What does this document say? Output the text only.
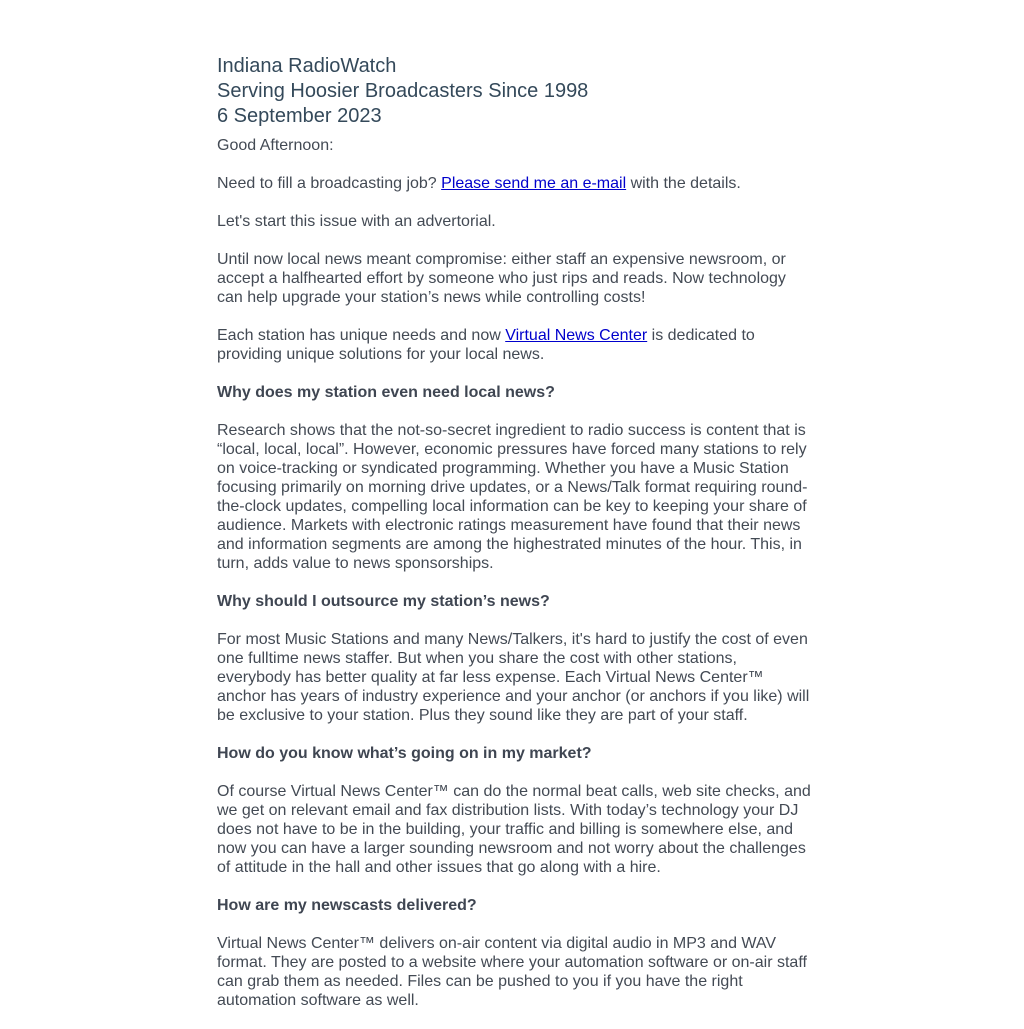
Indiana RadioWatch
Serving Hoosier Broadcasters Since 1998
6 September 2023

Good Afternoon:

Need to fill a broadcasting job? Please send me an e-mail with the details.

Let's start this issue with an advertorial.

Until now local news meant compromise: either staff an expensive newsroom, or accept a halfhearted effort by someone who just rips and reads. Now technology can help upgrade your station’s news while controlling costs!

Each station has unique needs and now Virtual News Center is dedicated to providing unique solutions for your local news.

Why does my station even need local news?

Research shows that the not-so-secret ingredient to radio success is content that is “local, local, local”. However, economic pressures have forced many stations to rely on voice-tracking or syndicated programming. Whether you have a Music Station focusing primarily on morning drive updates, or a News/Talk format requiring round-the-clock updates, compelling local information can be key to keeping your share of audience. Markets with electronic ratings measurement have found that their news and information segments are among the highestrated minutes of the hour. This, in turn, adds value to news sponsorships.

Why should I outsource my station’s news?

For most Music Stations and many News/Talkers, it's hard to justify the cost of even one fulltime news staffer. But when you share the cost with other stations, everybody has better quality at far less expense. Each Virtual News Center™ anchor has years of industry experience and your anchor (or anchors if you like) will be exclusive to your station. Plus they sound like they are part of your staff.

How do you know what’s going on in my market?

Of course Virtual News Center™ can do the normal beat calls, web site checks, and we get on relevant email and fax distribution lists. With today’s technology your DJ does not have to be in the building, your traffic and billing is somewhere else, and now you can have a larger sounding newsroom and not worry about the challenges of attitude in the hall and other issues that go along with a hire.

How are my newscasts delivered?

Virtual News Center™ delivers on-air content via digital audio in MP3 and WAV format. They are posted to a website where your automation software or on-air staff can grab them as needed. Files can be pushed to you if you have the right automation software as well.
